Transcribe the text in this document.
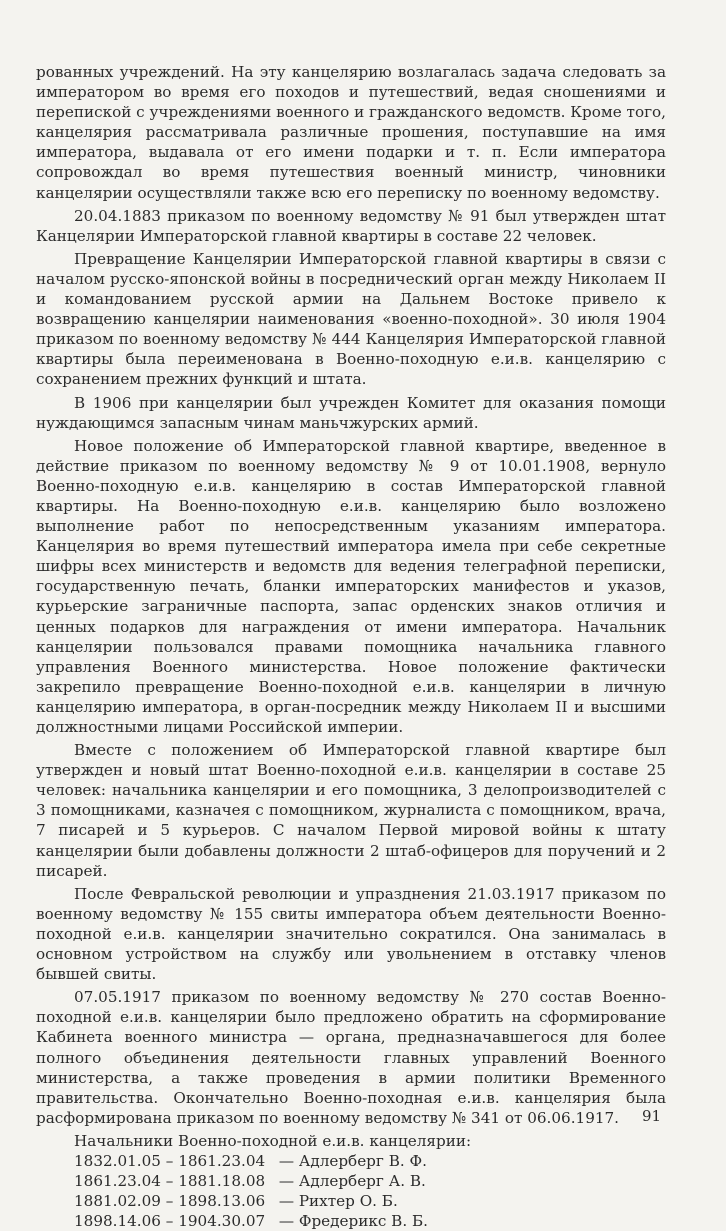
рованных учреждений. На эту канцелярию возлагалась задача следовать за императором во время его походов и путешествий, ведая сношениями и перепиской с учреждениями военного и гражданского ведомств. Кроме того, канцелярия рассматривала различные прошения, поступавшие на имя императора, выдавала от его имени подарки и т. п. Если императора сопровождал во время путешествия военный министр, чиновники канцелярии осуществляли также всю его переписку по военному ведомству.

20.04.1883 приказом по военному ведомству № 91 был утвержден штат Канцелярии Императорской главной квартиры в составе 22 человек.

Превращение Канцелярии Императорской главной квартиры в связи с началом русско-японской войны в посреднический орган между Николаем II и командованием русской армии на Дальнем Востоке привело к возвращению канцелярии наименования «военно-походной». 30 июля 1904 приказом по военному ведомству № 444 Канцелярия Императорской главной квартиры была переименована в Военно-походную е.и.в. канцелярию с сохранением прежних функций и штата.

В 1906 при канцелярии был учрежден Комитет для оказания помощи нуждающимся запасным чинам маньчжурских армий.

Новое положение об Императорской главной квартире, введенное в действие приказом по военному ведомству № 9 от 10.01.1908, вернуло Военно-походную е.и.в. канцелярию в состав Императорской главной квартиры. На Военно-походную е.и.в. канцелярию было возложено выполнение работ по непосредственным указаниям императора. Канцелярия во время путешествий императора имела при себе секретные шифры всех министерств и ведомств для ведения телеграфной переписки, государственную печать, бланки императорских манифестов и указов, курьерские заграничные паспорта, запас орденских знаков отличия и ценных подарков для награждения от имени императора. Начальник канцелярии пользовался правами помощника начальника главного управления Военного министерства. Новое положение фактически закрепило превращение Военно-походной е.и.в. канцелярии в личную канцелярию императора, в орган-посредник между Николаем II и высшими должностными лицами Российской империи.

Вместе с положением об Императорской главной квартире был утвержден и новый штат Военно-походной е.и.в. канцелярии в составе 25 человек: начальника канцелярии и его помощника, 3 делопроизводителей с 3 помощниками, казначея с помощником, журналиста с помощником, врача, 7 писарей и 5 курьеров. С началом Первой мировой войны к штату канцелярии были добавлены должности 2 штаб-офицеров для поручений и 2 писарей.

После Февральской революции и упразднения 21.03.1917 приказом по военному ведомству № 155 свиты императора объем деятельности Военно-походной е.и.в. канцелярии значительно сократился. Она занималась в основном устройством на службу или увольнением в отставку членов бывшей свиты.

07.05.1917 приказом по военному ведомству № 270 состав Военно-походной е.и.в. канцелярии было предложено обратить на сформирование Кабинета военного министра — органа, предназначавшегося для более полного объединения деятельности главных управлений Военного министерства, а также проведения в армии политики Временного правительства. Окончательно Военно-походная е.и.в. канцелярия была расформирована приказом по военному ведомству № 341 от 06.06.1917.

Начальники Военно-походной е.и.в. канцелярии:

1832.01.05 – 1861.23.04 — Адлерберг В. Ф.
1861.23.04 – 1881.18.08 — Адлерберг А. В.
1881.02.09 – 1898.13.06 — Рихтер О. Б.
1898.14.06 – 1904.30.07 — Фредерикс В. Б.
91
